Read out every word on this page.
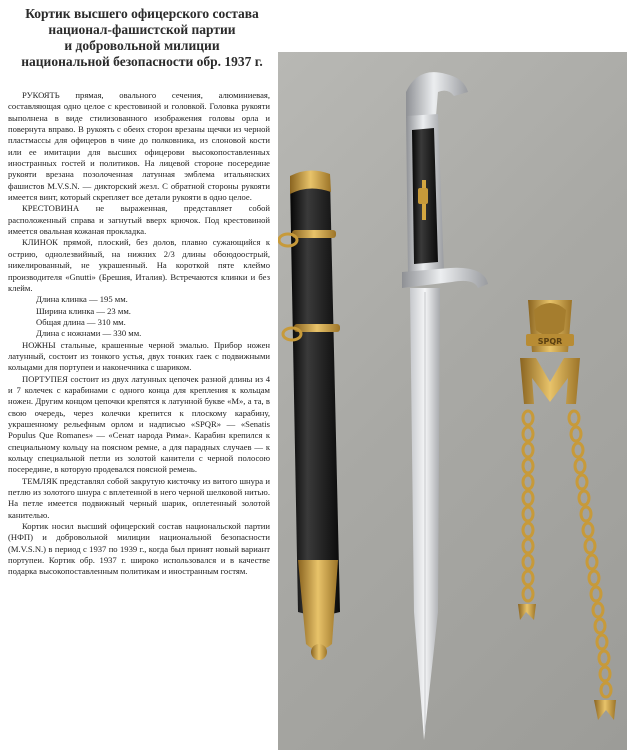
Кортик высшего офицерского состава
национал-фашистской партии
и добровольной милиции
национальной безопасности обр. 1937 г.

РУКОЯТЬ прямая, овального сечения, алюминиевая, составляющая одно целое с крестовиной и головкой. Головка рукояти выполнена в виде стилизованного изображения головы орла и повернута вправо. В рукоять с обеих сторон врезаны щечки из черной пластмассы для офицеров в чине до полковника, из слоновой кости или ее имитации для высших офицерови высокопоставленных иностранных гостей и политиков. На лицевой стороне посередине рукояти врезана позолоченная латунная эмблема итальянских фашистов M.V.S.N. — дикторский жезл. С обратной стороны рукояти имеется винт, который скрепляет все детали рукояти в одно целое.

КРЕСТОВИНА не выраженная, представляет собой расположенный справа и загнутый вверх крючок. Под крестовиной имеется овальная кожаная прокладка.

КЛИНОК прямой, плоский, без долов, плавно сужающийся к острию, однолезвийный, на нижних 2/3 длины обоюдоострый, никелированный, не украшенный. На короткой пяте клеймо производителя «Gnutti» (Брешия, Италия). Встречаются клинки и без клейм.

Длина клинка — 195 мм.

Ширина клинка — 23 мм.

Общая длина — 310 мм.

Длина с ножнами — 330 мм.

НОЖНЫ стальные, крашенные черной эмалью. Прибор ножен латунный, состоит из тонкого устья, двух тонких гаек с подвижными кольцами для портупеи и наконечника с шариком.

ПОРТУПЕЯ состоит из двух латунных цепочек разной длины из 4 и 7 колечек с карабинами с одного конца для крепления к кольцам ножен. Другим концом цепочки крепятся к латунной букве «М», а та, в свою очередь, через колечки крепится к плоскому карабину, украшенному рельефным орлом и надписью «SPQR» — «Senatis Populus Que Romanes» — «Сенат народа Рима». Карабин крепился к специальному кольцу на поясном ремне, а для парадных случаев — к кольцу специальной петли из золотой канители с черной полосою посередине, в которую продевался поясной ремень.

ТЕМЛЯК представлял собой закрутую кисточку из витого шнура и петлю из золотого шнура с вплетенной в него черной шелковой нитью. На петле имеется подвижный черный шарик, оплетенный золотой канителью.

Кортик носил высший офицерский состав национальской партии (НФП) и добровольной милиции национальной безопасности (M.V.S.N.) в период с 1937 по 1939 г., когда был принят новый вариант портупеи. Кортик обр. 1937 г. широко использовался и в качестве подарка высокопоставленным политикам и иностранным гостям.

SPQR
